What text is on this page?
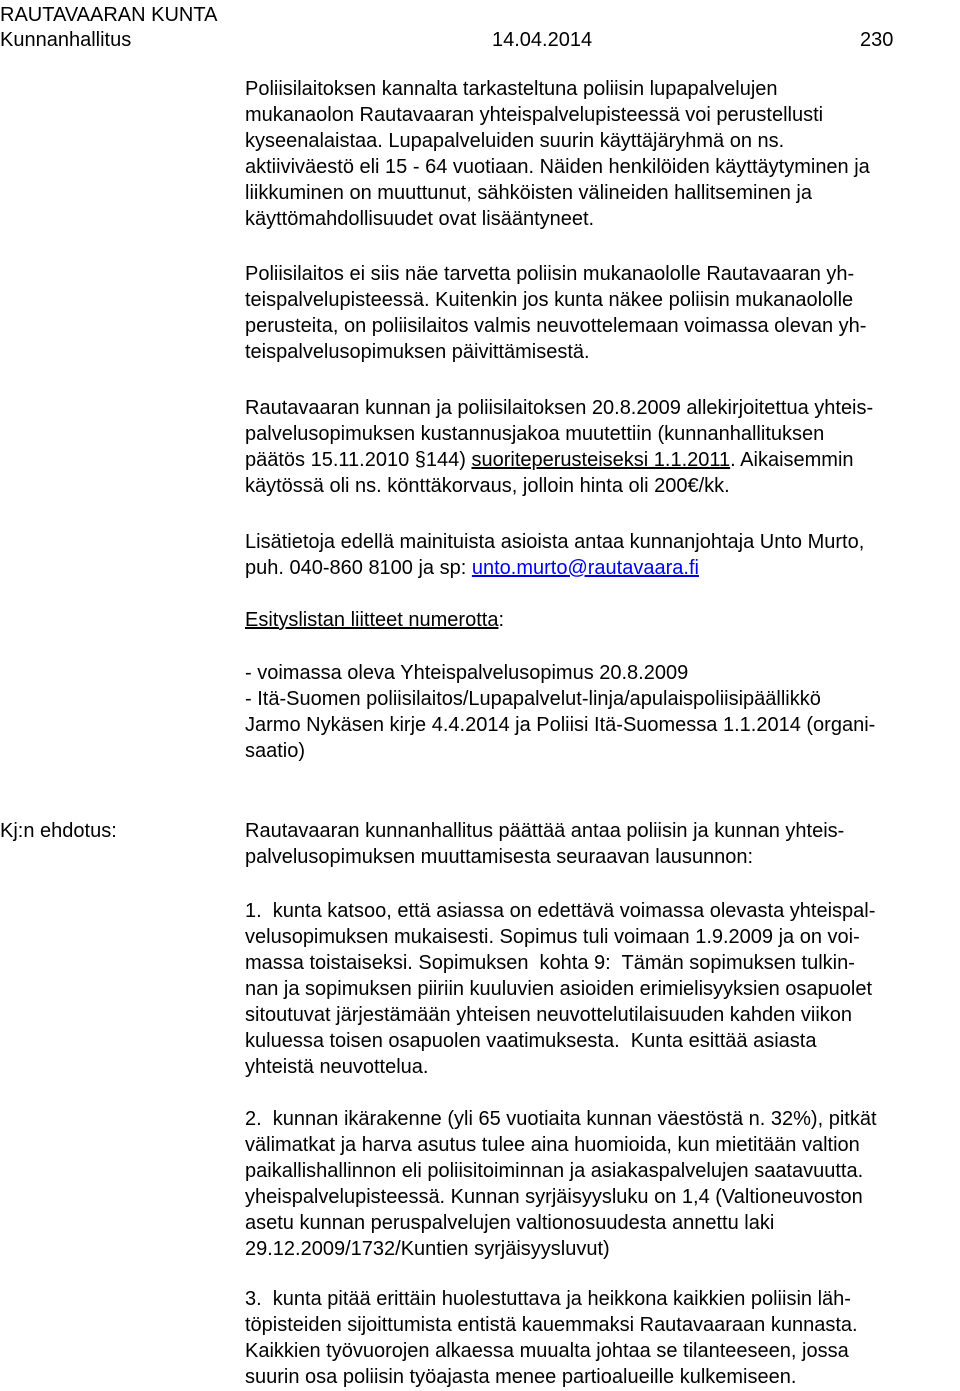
RAUTAVAARAN KUNTA
Kunnanhallitus	14.04.2014	230
Poliisilaitoksen kannalta tarkasteltuna poliisin lupapalvelujen
mukanaolon Rautavaaran yhteispalvelupisteessä voi perustellusti
kyseenalaistaa. Lupapalveluiden suurin käyttäjäryhmä on ns.
aktiiviväestö eli 15 - 64 vuotiaan. Näiden henkilöiden käyttäytyminen ja
liikkuminen on muuttunut, sähköisten välineiden hallitseminen ja
käyttömahdollisuudet ovat lisääntyneet.
Poliisilaitos ei siis näe tarvetta poliisin mukanaololle Rautavaaran yh-
teispalvelupisteessä. Kuitenkin jos kunta näkee poliisin mukanaololle
perusteita, on poliisilaitos valmis neuvottelemaan voimassa olevan yh-
teispalvelusopimuksen päivittämisestä.
Rautavaaran kunnan ja poliisilaitoksen 20.8.2009 allekirjoitettua yhteis-
palvelusopimuksen kustannusjakoa muutettiin (kunnanhallituksen
päätös 15.11.2010 §144) suoriteperusteiseksi 1.1.2011. Aikaisemmin
käytössä oli ns. könttäkorvaus, jolloin hinta oli 200€/kk.
Lisätietoja edellä mainituista asioista antaa kunnanjohtaja Unto Murto,
puh. 040-860 8100 ja sp: unto.murto@rautavaara.fi
Esityslistan liitteet numerotta:
- voimassa oleva Yhteispalvelusopimus 20.8.2009
- Itä-Suomen poliisilaitos/Lupapalvelut-linja/apulaispoliisipäällikkö
Jarmo Nykäsen kirje 4.4.2014 ja Poliisi Itä-Suomessa 1.1.2014 (organi-
saatio)
Kj:n ehdotus:	Rautavaaran kunnanhallitus päättää antaa poliisin ja kunnan yhteis-
palvelusopimuksen muuttamisesta seuraavan lausunnon:
1.  kunta katsoo, että asiassa on edettävä voimassa olevasta yhteispal-
velusopimuksen mukaisesti. Sopimus tuli voimaan 1.9.2009 ja on voi-
massa toistaiseksi. Sopimuksen  kohta 9:  Tämän sopimuksen tulkin-
nan ja sopimuksen piiriin kuuluvien asioiden erimielisyyksien osapuolet
sitoutuvat järjestämään yhteisen neuvottelutilaisuuden kahden viikon
kuluessa toisen osapuolen vaatimuksesta.  Kunta esittää asiasta
yhteistä neuvottelua.
2.  kunnan ikärakenne (yli 65 vuotiaita kunnan väestöstä n. 32%), pitkät
välimatkat ja harva asutus tulee aina huomioida, kun mietitään valtion
paikallishallinnon eli poliisitoiminnan ja asiakaspalvelujen saatavuutta.
yheispalvelupisteessä. Kunnan syrjäisyysluku on 1,4 (Valtioneuvoston
asetu kunnan peruspalvelujen valtionosuudesta annettu laki
29.12.2009/1732/Kuntien syrjäisyysluvut)
3.  kunta pitää erittäin huolestuttava ja heikkona kaikkien poliisin läh-
töpisteiden sijoittumista entistä kauemmaksi Rautavaaraan kunnasta.
Kaikkien työvuorojen alkaessa muualta johtaa se tilanteeseen, jossa
suurin osa poliisin työajasta menee partioalueille kulkemiseen.
